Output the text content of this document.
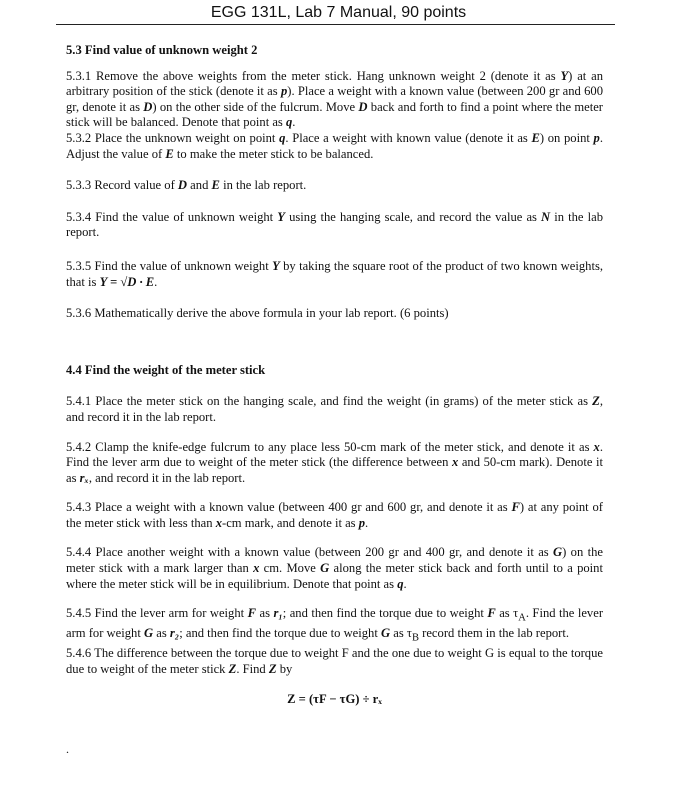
EGG 131L, Lab 7 Manual, 90 points

5.3 Find value of unknown weight 2

5.3.1 Remove the above weights from the meter stick. Hang unknown weight 2 (denote it as Y) at an arbitrary position of the stick (denote it as p). Place a weight with a known value (between 200 gr and 600 gr, denote it as D) on the other side of the fulcrum. Move D back and forth to find a point where the meter stick will be balanced. Denote that point as q.

5.3.2 Place the unknown weight on point q. Place a weight with known value (denote it as E) on point p. Adjust the value of E to make the meter stick to be balanced.

5.3.3 Record value of D and E in the lab report.

5.3.4 Find the value of unknown weight Y using the hanging scale, and record the value as N in the lab report.

5.3.5 Find the value of unknown weight Y by taking the square root of the product of two known weights, that is Y = √D · E.

5.3.6 Mathematically derive the above formula in your lab report. (6 points)

4.4 Find the weight of the meter stick

5.4.1 Place the meter stick on the hanging scale, and find the weight (in grams) of the meter stick as Z, and record it in the lab report.

5.4.2 Clamp the knife-edge fulcrum to any place less 50-cm mark of the meter stick, and denote it as x. Find the lever arm due to weight of the meter stick (the difference between x and 50-cm mark). Denote it as rₓ, and record it in the lab report.

5.4.3 Place a weight with a known value (between 400 gr and 600 gr, and denote it as F) at any point of the meter stick with less than x-cm mark, and denote it as p.

5.4.4 Place another weight with a known value (between 200 gr and 400 gr, and denote it as G) on the meter stick with a mark larger than x cm. Move G along the meter stick back and forth until to a point where the meter stick will be in equilibrium. Denote that point as q.

5.4.5 Find the lever arm for weight F as r₁; and then find the torque due to weight F as $\tau_A$. Find the lever arm for weight G as r₂; and then find the torque due to weight G as $\tau_B$ record them in the lab report.

5.4.6 The difference between the torque due to weight F and the one due to weight G is equal to the torque due to weight of the meter stick Z. Find Z by

Z = (τF − τG) ÷ rₓ

.
